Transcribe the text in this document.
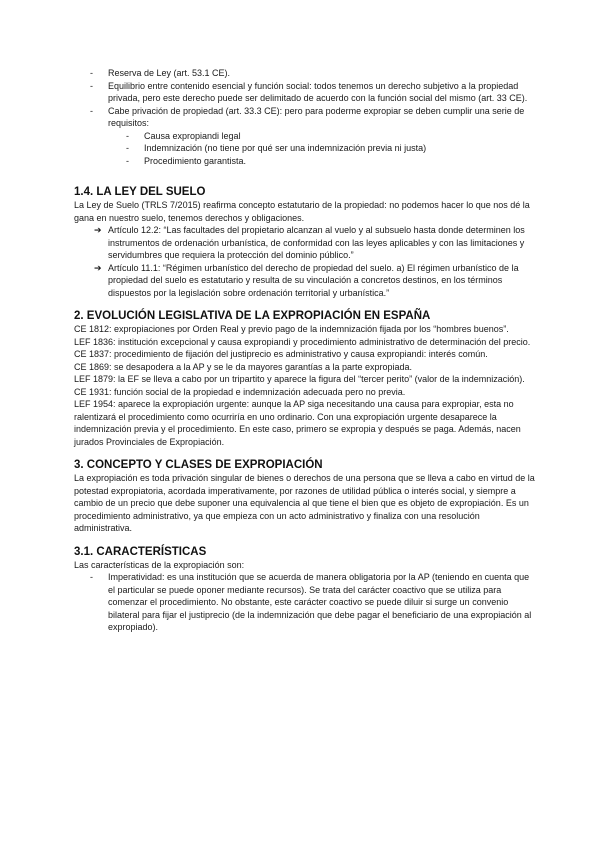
- Reserva de Ley (art. 53.1 CE).
- Equilibrio entre contenido esencial y función social: todos tenemos un derecho subjetivo a la propiedad privada, pero este derecho puede ser delimitado de acuerdo con la función social del mismo (art. 33 CE).
- Cabe privación de propiedad (art. 33.3 CE): pero para poderme expropiar se deben cumplir una serie de requisitos:
- Causa expropiandi legal
- Indemnización (no tiene por qué ser una indemnización previa ni justa)
- Procedimiento garantista.
1.4. LA LEY DEL SUELO

La Ley de Suelo (TRLS 7/2015) reafirma concepto estatutario de la propiedad: no podemos hacer lo que nos dé la gana en nuestro suelo, tenemos derechos y obligaciones.

➔ Artículo 12.2: “Las facultades del propietario alcanzan al vuelo y al subsuelo hasta donde determinen los instrumentos de ordenación urbanística, de conformidad con las leyes aplicables y con las limitaciones y servidumbres que requiera la protección del dominio público.”
➔ Artículo 11.1: “Régimen urbanístico del derecho de propiedad del suelo. a) El régimen urbanístico de la propiedad del suelo es estatutario y resulta de su vinculación a concretos destinos, en los términos dispuestos por la legislación sobre ordenación territorial y urbanística.”
2. EVOLUCIÓN LEGISLATIVA DE LA EXPROPIACIÓN EN ESPAÑA

CE 1812: expropiaciones por Orden Real y previo pago de la indemnización fijada por los “hombres buenos”.

LEF 1836: institución excepcional y causa expropiandi y procedimiento administrativo de determinación del precio.

CE 1837: procedimiento de fijación del justiprecio es administrativo y causa expropiandi: interés común.

CE 1869: se desapodera a la AP y se le da mayores garantías a la parte expropiada.

LEF 1879: la EF se lleva a cabo por un tripartito y aparece la figura del “tercer perito” (valor de la indemnización).

CE 1931: función social de la propiedad e indemnización adecuada pero no previa.

LEF 1954: aparece la expropiación urgente: aunque la AP siga necesitando una causa para expropiar, esta no ralentizará el procedimiento como ocurriría en uno ordinario. Con una expropiación urgente desaparece la indemnización previa y el procedimiento. En este caso, primero se expropia y después se paga. Además, nacen jurados Provinciales de Expropiación.

3. CONCEPTO Y CLASES DE EXPROPIACIÓN

La expropiación es toda privación singular de bienes o derechos de una persona que se lleva a cabo en virtud de la potestad expropiatoria, acordada imperativamente, por razones de utilidad pública o interés social, y siempre a cambio de un precio que debe suponer una equivalencia al que tiene el bien que es objeto de expropiación. Es un procedimiento administrativo, ya que empieza con un acto administrativo y finaliza con una resolución administrativa.

3.1. CARACTERÍSTICAS

Las características de la expropiación son:

- Imperatividad: es una institución que se acuerda de manera obligatoria por la AP (teniendo en cuenta que el particular se puede oponer mediante recursos). Se trata del carácter coactivo que se utiliza para comenzar el procedimiento. No obstante, este carácter coactivo se puede diluir si surge un convenio bilateral para fijar el justiprecio (de la indemnización que debe pagar el beneficiario de una expropiación al expropiado).
